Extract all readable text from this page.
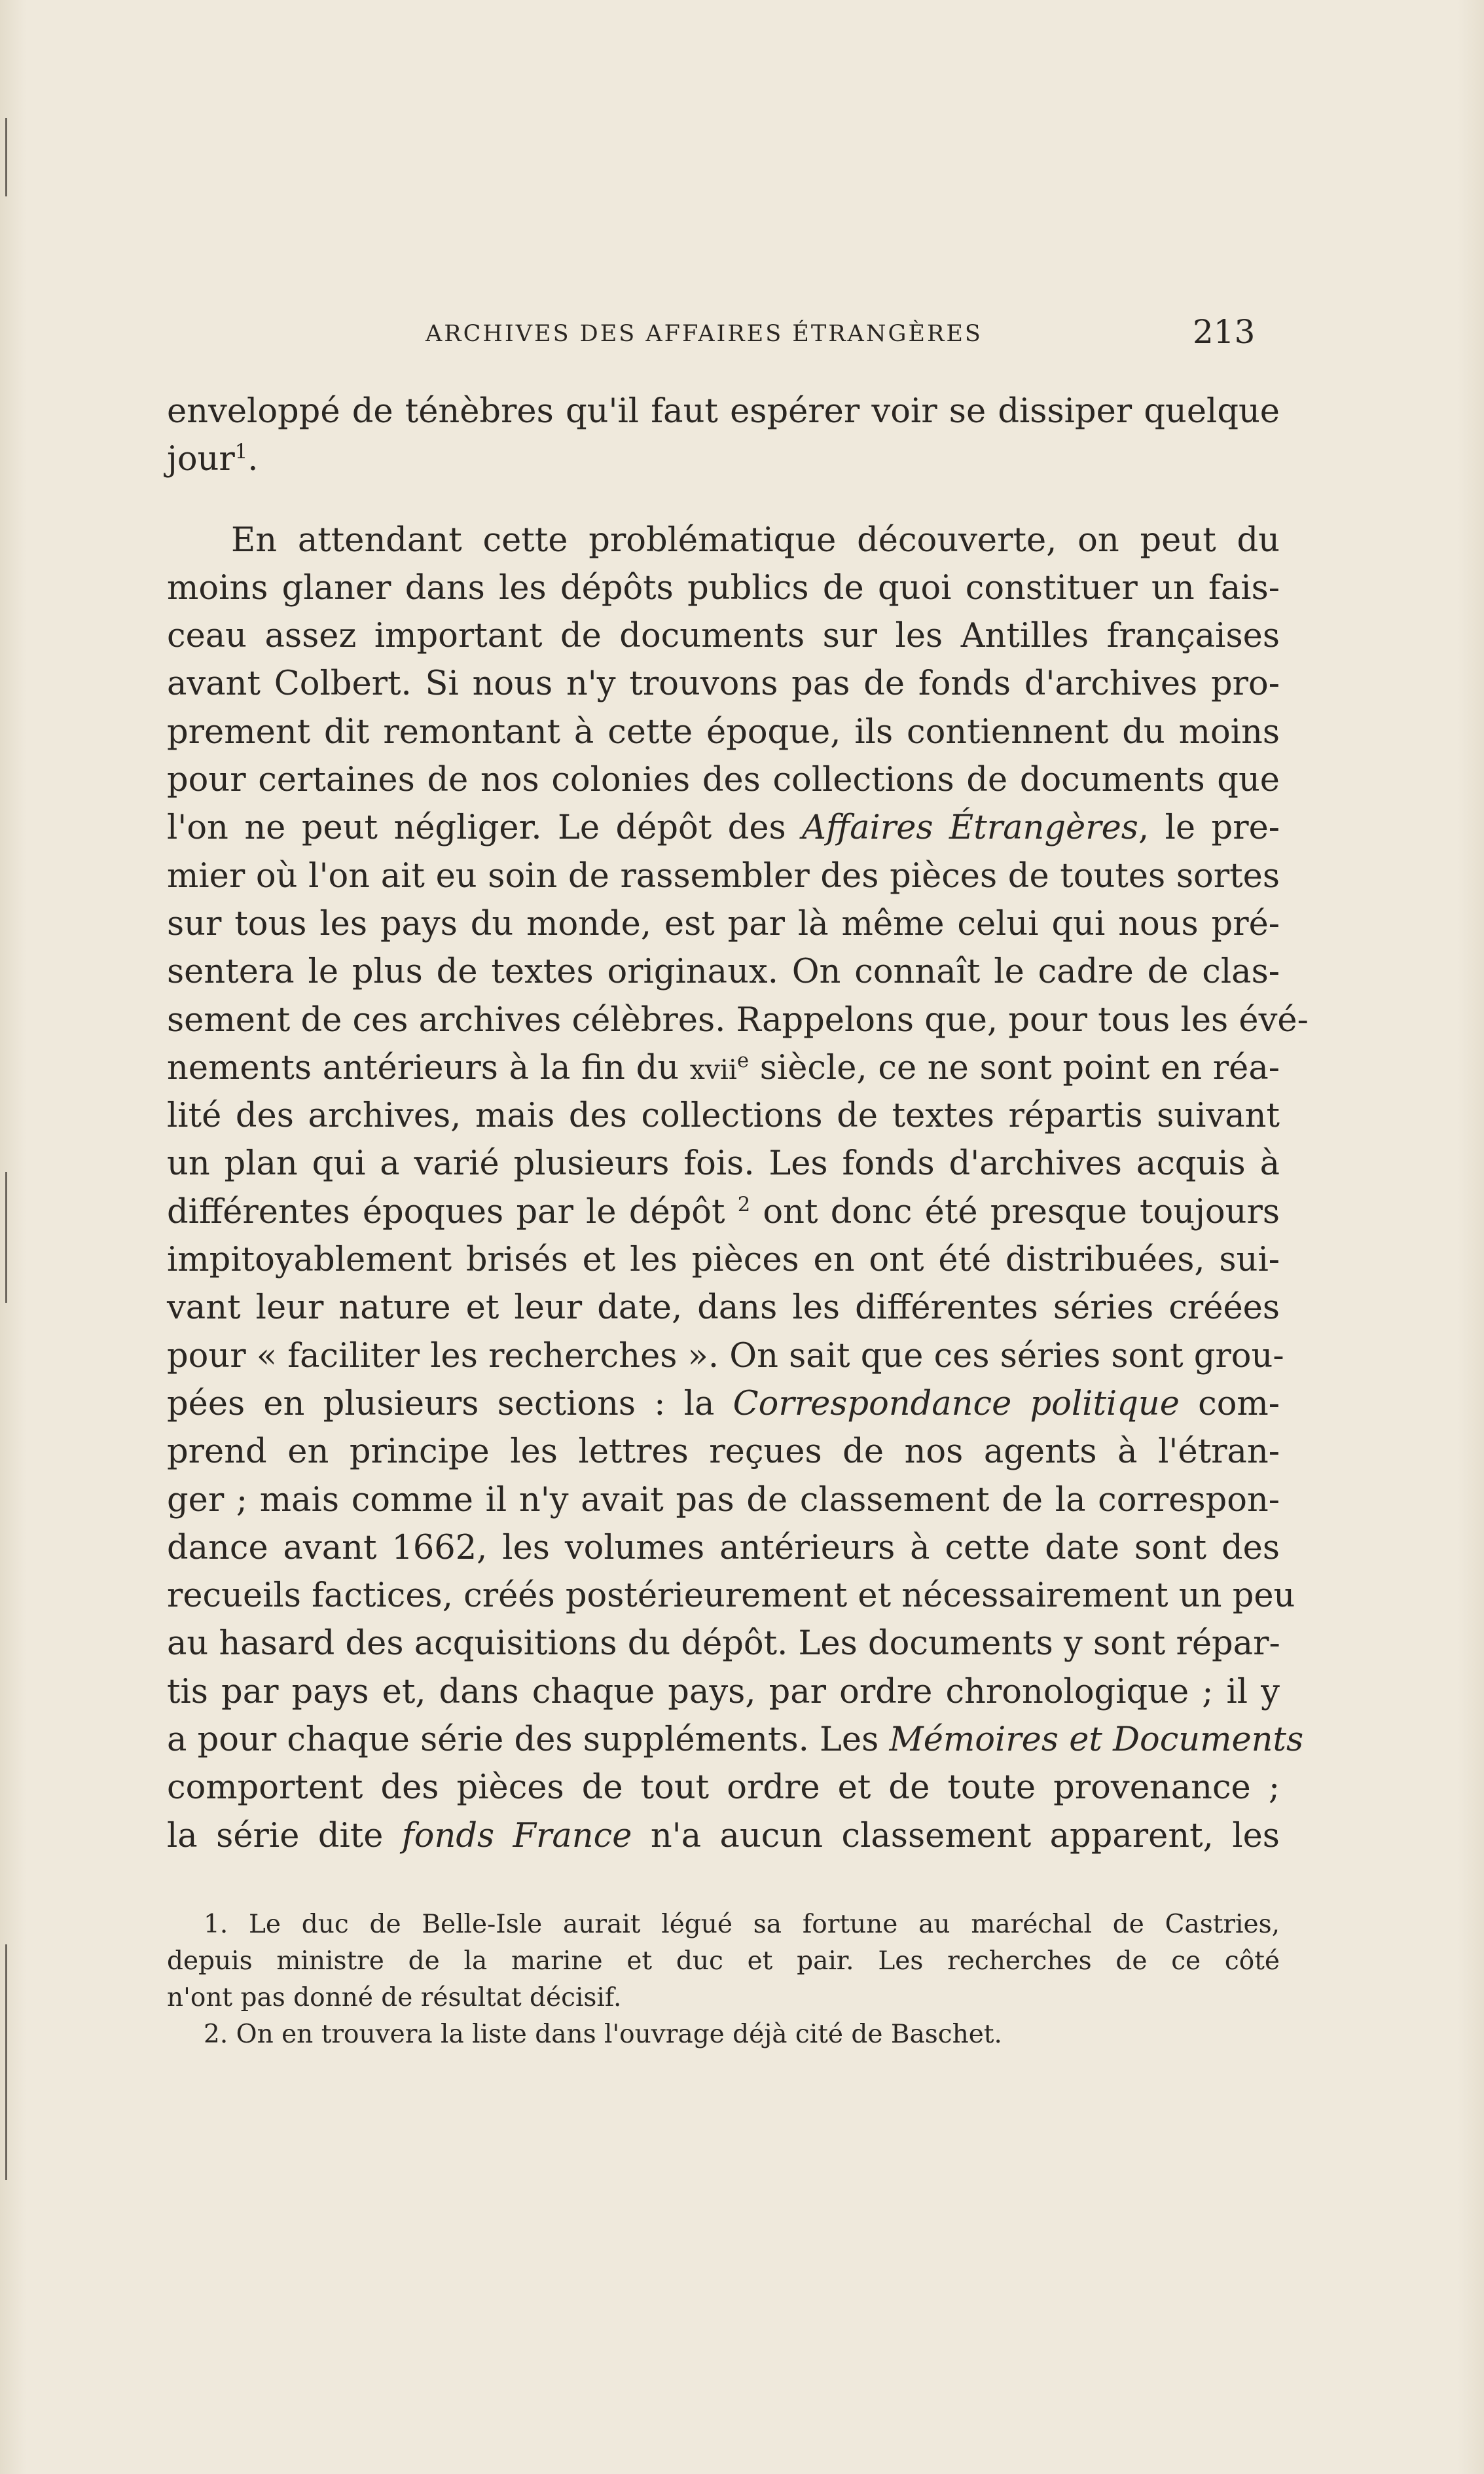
ARCHIVES DES AFFAIRES ÉTRANGÈRES	213
enveloppé de ténèbres qu'il faut espérer voir se dissiper quelque
jour$^1$.
En attendant cette problématique découverte, on peut du
moins glaner dans les dépôts publics de quoi constituer un fais-
ceau assez important de documents sur les Antilles françaises
avant Colbert. Si nous n'y trouvons pas de fonds d'archives pro-
prement dit remontant à cette époque, ils contiennent du moins
pour certaines de nos colonies des collections de documents que
l'on ne peut négliger. Le dépôt des Affaires Étrangères, le pre-
mier où l'on ait eu soin de rassembler des pièces de toutes sortes
sur tous les pays du monde, est par là même celui qui nous pré-
sentera le plus de textes originaux. On connaît le cadre de clas-
sement de ces archives célèbres. Rappelons que, pour tous les évé-
nements antérieurs à la fin du xvii$^e$ siècle, ce ne sont point en réa-
lité des archives, mais des collections de textes répartis suivant
un plan qui a varié plusieurs fois. Les fonds d'archives acquis à
différentes époques par le dépôt $^2$ ont donc été presque toujours
impitoyablement brisés et les pièces en ont été distribuées, sui-
vant leur nature et leur date, dans les différentes séries créées
pour « faciliter les recherches ». On sait que ces séries sont grou-
pées en plusieurs sections : la Correspondance politique com-
prend en principe les lettres reçues de nos agents à l'étran-
ger ; mais comme il n'y avait pas de classement de la correspon-
dance avant 1662, les volumes antérieurs à cette date sont des
recueils factices, créés postérieurement et nécessairement un peu
au hasard des acquisitions du dépôt. Les documents y sont répar-
tis par pays et, dans chaque pays, par ordre chronologique ; il y
a pour chaque série des suppléments. Les Mémoires et Documents
comportent des pièces de tout ordre et de toute provenance ;
la série dite fonds France n'a aucun classement apparent, les
1. Le duc de Belle-Isle aurait légué sa fortune au maréchal de Castries,
depuis ministre de la marine et duc et pair. Les recherches de ce côté
n'ont pas donné de résultat décisif.
2. On en trouvera la liste dans l'ouvrage déjà cité de Baschet.
